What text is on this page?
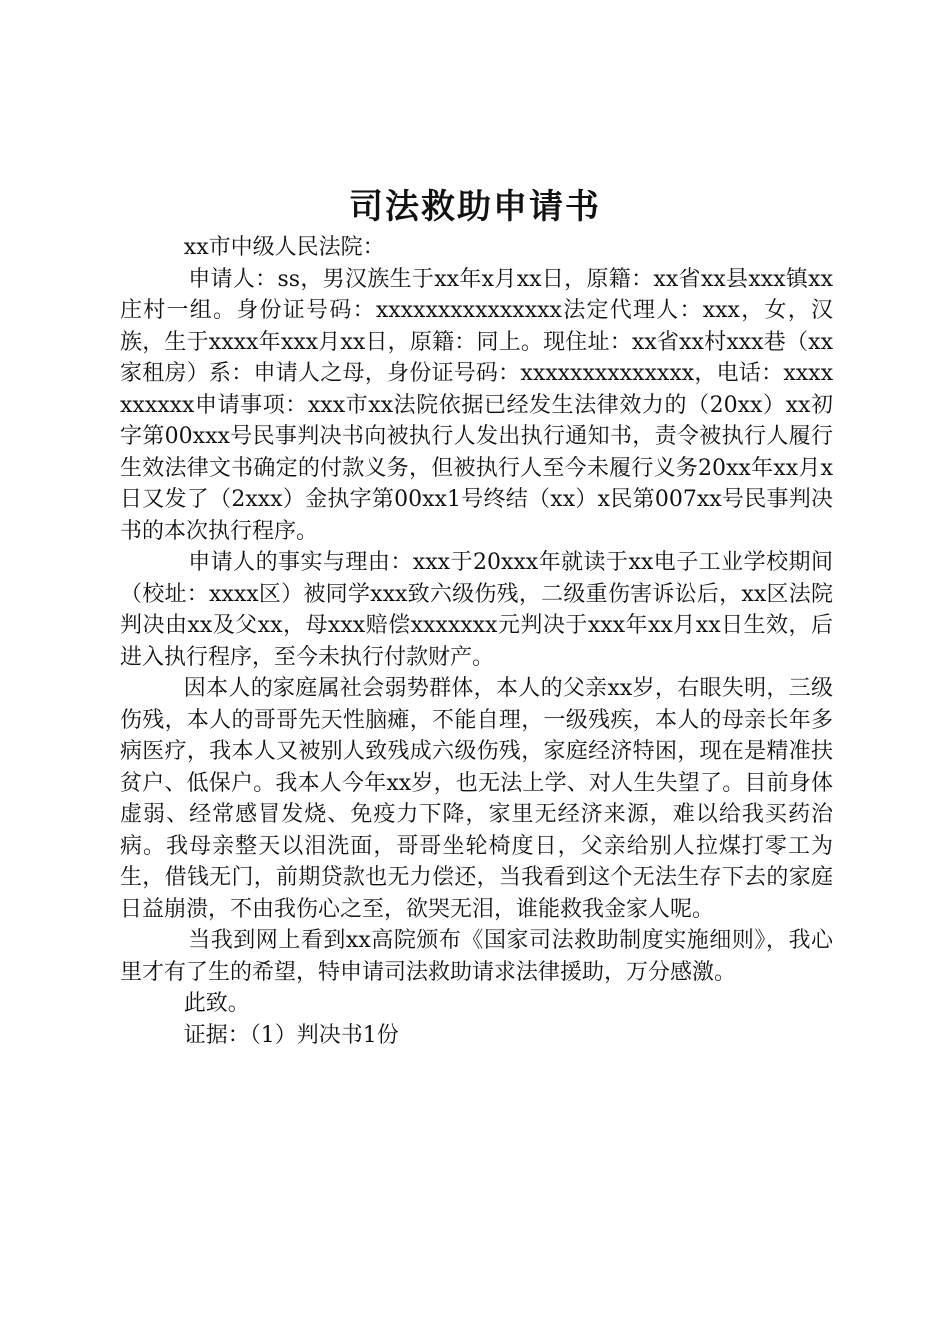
司法救助申请书

xx市中级人民法院：

申请人：ss，男汉族生于xx年x月xx日，原籍：xx省xx县xxx镇xx庄村一组。身份证号码：xxxxxxxxxxxxxxx法定代理人：xxx，女，汉族，生于xxxx年xxx月xx日，原籍：同上。现住址：xx省xx村xxx巷（xx家租房）系：申请人之母，身份证号码：xxxxxxxxxxxxxx，电话：xxxxxxxxxx申请事项：xxx市xx法院依据已经发生法律效力的（20xx）xx初字第00xxx号民事判决书向被执行人发出执行通知书，责令被执行人履行生效法律文书确定的付款义务，但被执行人至今未履行义务20xx年xx月x日又发了（2xxx）金执字第00xx1号终结（xx）x民第007xx号民事判决书的本次执行程序。

申请人的事实与理由：xxx于20xxx年就读于xx电子工业学校期间（校址：xxxx区）被同学xxx致六级伤残，二级重伤害诉讼后，xx区法院判决由xx及父xx，母xxx赔偿xxxxxxx元判决于xxx年xx月xx日生效，后进入执行程序，至今未执行付款财产。

因本人的家庭属社会弱势群体，本人的父亲xx岁，右眼失明，三级伤残，本人的哥哥先天性脑瘫，不能自理，一级残疾，本人的母亲长年多病医疗，我本人又被别人致残成六级伤残，家庭经济特困，现在是精准扶贫户、低保户。我本人今年xx岁，也无法上学、对人生失望了。目前身体虚弱、经常感冒发烧、免疫力下降，家里无经济来源，难以给我买药治病。我母亲整天以泪洗面，哥哥坐轮椅度日，父亲给别人拉煤打零工为生，借钱无门，前期贷款也无力偿还，当我看到这个无法生存下去的家庭日益崩溃，不由我伤心之至，欲哭无泪，谁能救我金家人呢。

当我到网上看到xx高院颁布《国家司法救助制度实施细则》，我心里才有了生的希望，特申请司法救助请求法律援助，万分感激。

此致。

证据：（1）判决书1份
